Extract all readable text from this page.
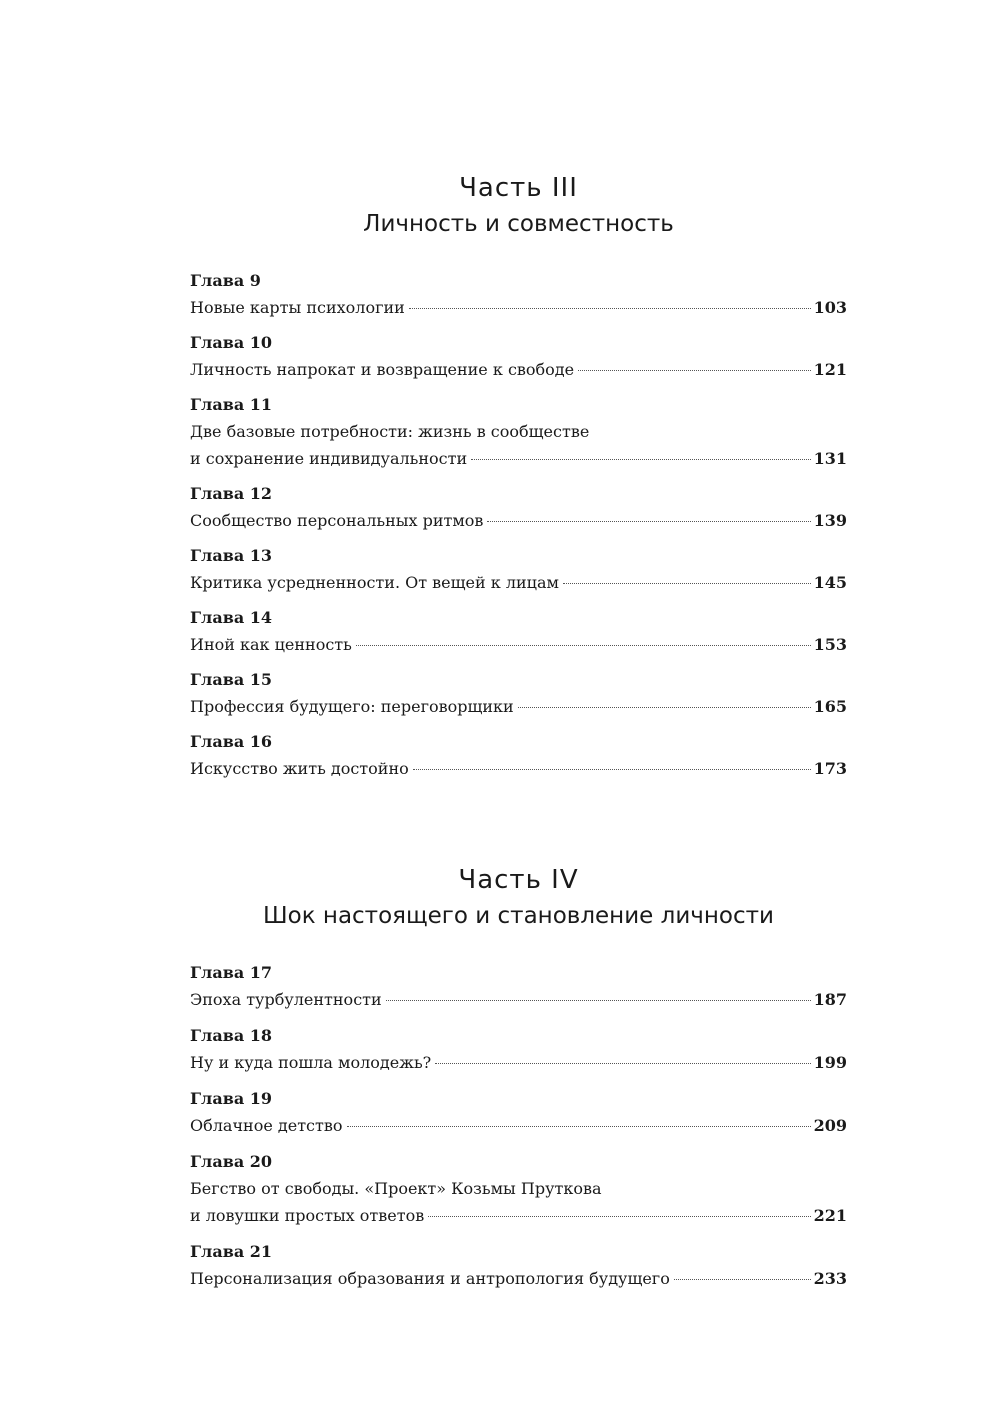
Часть III
Личность и совместность
Глава 9
Новые карты психологии	103
Глава 10
Личность напрокат и возвращение к свободе	121
Глава 11
Две базовые потребности: жизнь в сообществе
и сохранение индивидуальности	131
Глава 12
Сообщество персональных ритмов	139
Глава 13
Критика усредненности. От вещей к лицам	145
Глава 14
Иной как ценность	153
Глава 15
Профессия будущего: переговорщики	165
Глава 16
Искусство жить достойно	173
Часть IV
Шок настоящего и становление личности
Глава 17
Эпоха турбулентности	187
Глава 18
Ну и куда пошла молодежь?	199
Глава 19
Облачное детство	209
Глава 20
Бегство от свободы. «Проект» Козьмы Пруткова
и ловушки простых ответов	221
Глава 21
Персонализация образования и антропология будущего	233
